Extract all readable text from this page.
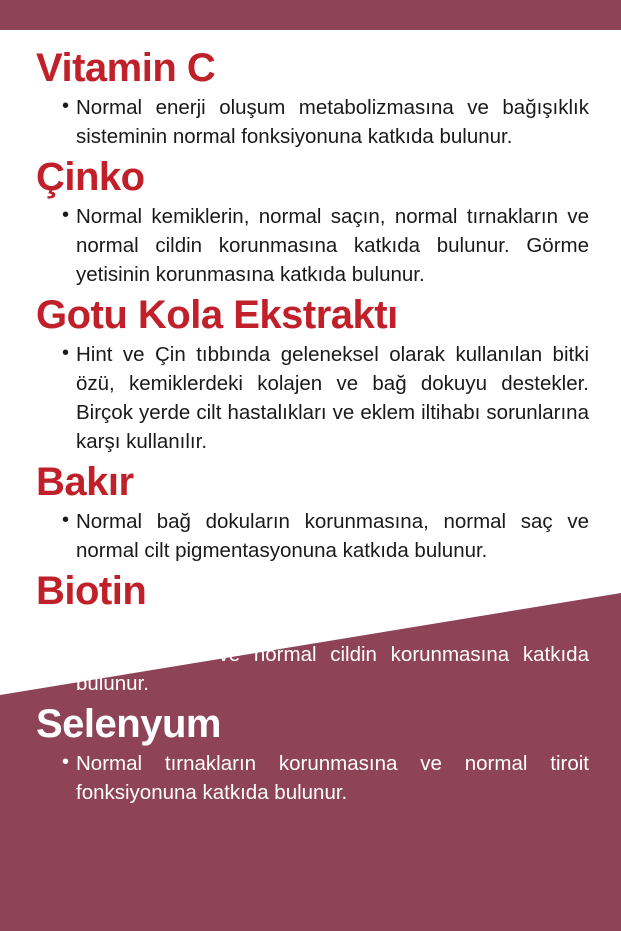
Vitamin C
• Normal enerji oluşum metabolizmasına ve bağışıklık sisteminin normal fonksiyonuna katkıda bulunur.
Çinko
• Normal kemiklerin, normal saçın, normal tırnakların ve normal cildin korunmasına katkıda bulunur. Görme yetisinin korunmasına katkıda bulunur.
Gotu Kola Ekstraktı
• Hint ve Çin tıbbında geleneksel olarak kullanılan bitki özü, kemiklerdeki kolajen ve bağ dokuyu destekler. Birçok yerde cilt hastalıkları ve eklem iltihabı sorunlarına karşı kullanılır.
Bakır
• Normal bağ dokuların korunmasına, normal saç ve normal cilt pigmentasyonuna katkıda bulunur.
Biotin
• Normal saçın ve normal cildin korunmasına katkıda bulunur.
Selenyum
• Normal tırnakların korunmasına ve normal tiroit fonksiyonuna katkıda bulunur.
